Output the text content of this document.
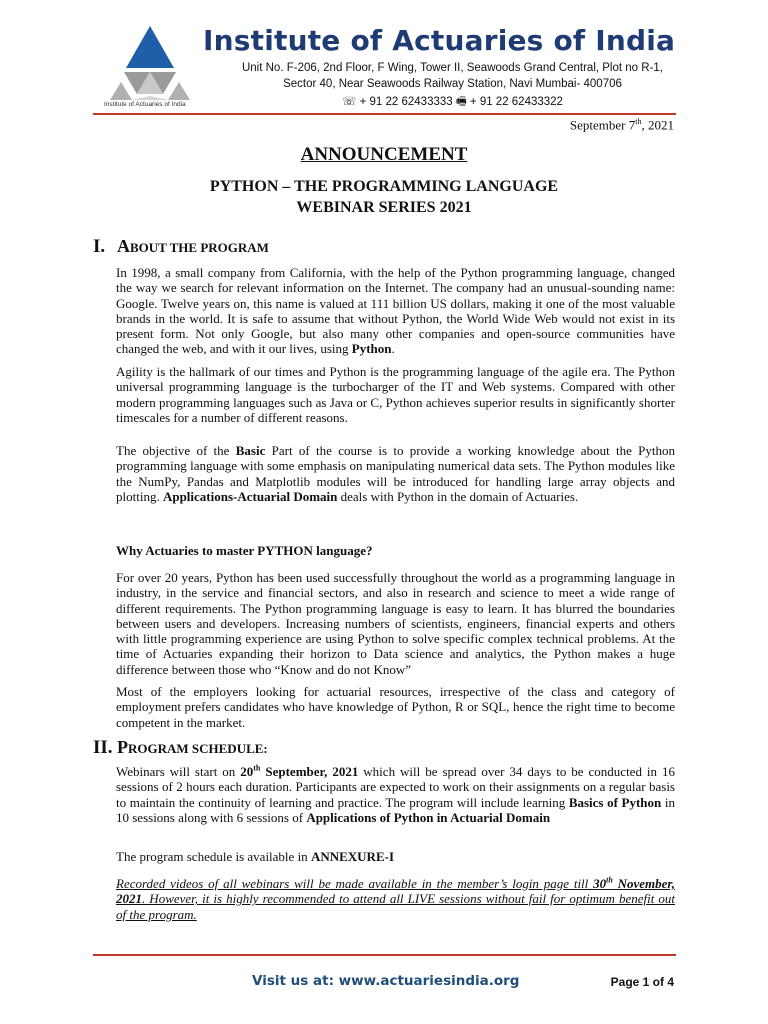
Institute of Actuaries of India
Institute of Actuaries of India
Unit No. F-206, 2nd Floor, F Wing, Tower II, Seawoods Grand Central, Plot no R-1,
Sector 40, Near Seawoods Railway Station, Navi Mumbai- 400706
☏ + 91 22 62433333 🖷 + 91 22 62433322
September 7th, 2021
ANNOUNCEMENT
PYTHON – THE PROGRAMMING LANGUAGE
WEBINAR SERIES 2021
I. ABOUT THE PROGRAM

In 1998, a small company from California, with the help of the Python programming language, changed the way we search for relevant information on the Internet. The company had an unusual-sounding name: Google. Twelve years on, this name is valued at 111 billion US dollars, making it one of the most valuable brands in the world. It is safe to assume that without Python, the World Wide Web would not exist in its present form. Not only Google, but also many other companies and open-source communities have changed the web, and with it our lives, using Python.

Agility is the hallmark of our times and Python is the programming language of the agile era. The Python universal programming language is the turbocharger of the IT and Web systems. Compared with other modern programming languages such as Java or C, Python achieves superior results in significantly shorter timescales for a number of different reasons.

The objective of the Basic Part of the course is to provide a working knowledge about the Python programming language with some emphasis on manipulating numerical data sets. The Python modules like the NumPy, Pandas and Matplotlib modules will be introduced for handling large array objects and plotting. Applications-Actuarial Domain deals with Python in the domain of Actuaries.

Why Actuaries to master PYTHON language?

For over 20 years, Python has been used successfully throughout the world as a programming language in industry, in the service and financial sectors, and also in research and science to meet a wide range of different requirements. The Python programming language is easy to learn. It has blurred the boundaries between users and developers. Increasing numbers of scientists, engineers, financial experts and others with little programming experience are using Python to solve specific complex technical problems. At the time of Actuaries expanding their horizon to Data science and analytics, the Python makes a huge difference between those who “Know and do not Know”

Most of the employers looking for actuarial resources, irrespective of the class and category of employment prefers candidates who have knowledge of Python, R or SQL, hence the right time to become competent in the market.

II. PROGRAM SCHEDULE:

Webinars will start on 20th September, 2021 which will be spread over 34 days to be conducted in 16 sessions of 2 hours each duration. Participants are expected to work on their assignments on a regular basis to maintain the continuity of learning and practice. The program will include learning Basics of Python in 10 sessions along with 6 sessions of Applications of Python in Actuarial Domain

The program schedule is available in ANNEXURE-I

Recorded videos of all webinars will be made available in the member’s login page till 30th November, 2021. However, it is highly recommended to attend all LIVE sessions without fail for optimum benefit out of the program.

Visit us at: www.actuariesindia.org	Page 1 of 4
